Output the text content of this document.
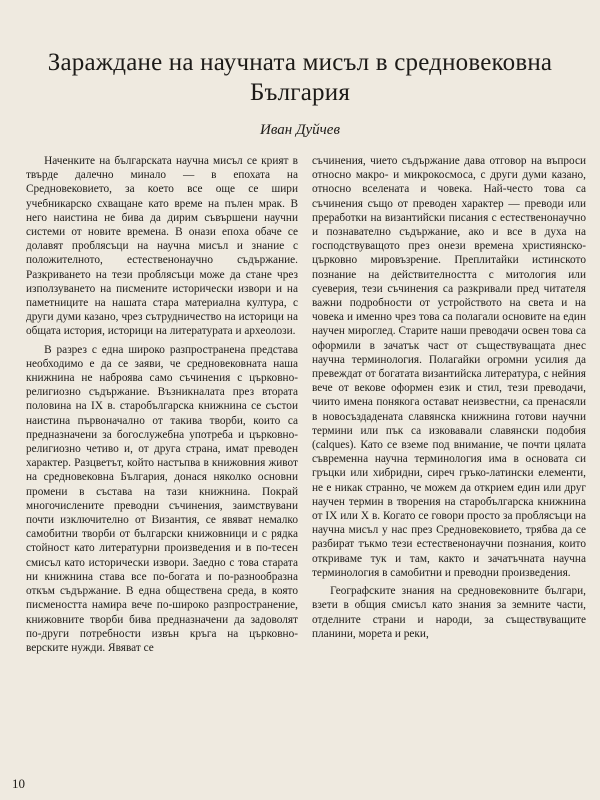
Зараждане на научната мисъл в средновековна България
Иван Дуйчев

Наченките на българската научна мисъл се крият в твърде далечно минало — в епохата на Средновековието, за което все още се шири учебникарско схващане като време на пълен мрак. В него наистина не бива да дирим съвършени научни системи от новите времена. В онази епоха обаче се долавят проблясъци на научна мисъл и знание с положителното, естественонаучно съдържание. Разкриването на тези проблясъци може да стане чрез използуването на писмените исторически извори и на паметниците на нашата стара материална култура, с други думи казано, чрез сътрудничество на историци на общата история, историци на литературата и археолози.

В разрез с една широко разпространена представа необходимо е да се заяви, че средновековната наша книжнина не наброява само съчинения с църковно-религиозно съдържание. Възникналата през втората половина на IX в. старобългарска книжнина се състои наистина първоначално от такива творби, които са предназначени за богослужебна употреба и църковно-религиозно четиво и, от друга страна, имат преводен характер. Разцветът, който настъпва в книжовния живот на средновековна България, донася няколко основни промени в състава на тази книжнина. Покрай многочислените преводни съчинения, заимствувани почти изключително от Византия, се явяват немалко самобитни творби от български книжовници и с рядка стойност като литературни произведения и в по-тесен смисъл като исторически извори. Заедно с това старата ни книжнина става все по-богата и по-разнообразна откъм съдържание. В една обществена среда, в която писмеността намира вече по-широко разпространение, книжовните творби бива предназначени да задоволят по-други потребности извън кръга на църковно-верските нужди. Явяват се

съчинения, чието съдържание дава отговор на въпроси относно макро- и микрокосмоса, с други думи казано, относно вселената и човека. Най-често това са съчинения също от преводен характер — преводи или преработки на византийски писания с естественонаучно и познавателно съдържание, ако и все в духа на господствуващото през онези времена християнско-църковно мировъзрение. Преплитайки истинското познание на действителността с митология или суеверия, тези съчинения са разкривали пред читателя важни подробности от устройството на света и на човека и именно чрез това са полагали основите на един научен мироглед. Старите наши преводачи освен това са оформили в зачатък част от съществуващата днес научна терминология. Полагайки огромни усилия да превеждат от богатата византийска литература, с нейния вече от векове оформен език и стил, тези преводачи, чиито имена понякога остават неизвестни, са пренасяли в новосъздадената славянска книжнина готови научни термини или пък са изковавали славянски подобия (calques). Като се вземе под внимание, че почти цялата съвременна научна терминология има в основата си гръцки или хибридни, сиреч гръко-латински елементи, не е никак странно, че можем да открием един или друг научен термин в творения на старобългарска книжнина от IX или X в. Когато се говори просто за проблясъци на научна мисъл у нас през Средновековието, трябва да се разбират тъкмо тези естественонаучни познания, които откриваме тук и там, както и зачатъчната научна терминология в самобитни и преводни произведения.

Географските знания на средновековните българи, взети в общия смисъл като знания за земните части, отделните страни и народи, за съществуващите планини, морета и реки,

10
